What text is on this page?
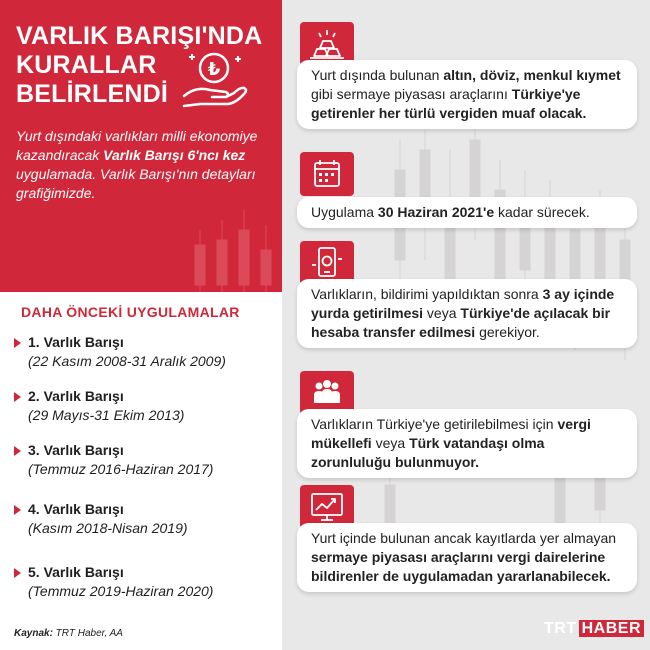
VARLIK BARIŞI'NDA
KURALLAR
BELİRLENDİ
₺

Yurt dışındaki varlıkları milli ekonomiye kazandıracak Varlık Barışı 6'ncı kez uygulamada. Varlık Barışı'nın detayları grafiğimizde.

DAHA ÖNCEKİ UYGULAMALAR
1. Varlık Barışı
(22 Kasım 2008-31 Aralık 2009)
2. Varlık Barışı
(29 Mayıs-31 Ekim 2013)
3. Varlık Barışı
(Temmuz 2016-Haziran 2017)
4. Varlık Barışı
(Kasım 2018-Nisan 2019)
5. Varlık Barışı
(Temmuz 2019-Haziran 2020)
Kaynak: TRT Haber, AA
Yurt dışında bulunan altın, döviz, menkul kıymet gibi sermaye piyasası araçlarını Türkiye'ye getirenler her türlü vergiden muaf olacak.
Uygulama 30 Haziran 2021'e kadar sürecek.
Varlıkların, bildirimi yapıldıktan sonra 3 ay içinde yurda getirilmesi veya Türkiye'de açılacak bir hesaba transfer edilmesi gerekiyor.
Varlıkların Türkiye'ye getirilebilmesi için vergi mükellefi veya Türk vatandaşı olma zorunluluğu bulunmuyor.
Yurt içinde bulunan ancak kayıtlarda yer almayan sermaye piyasası araçlarını vergi dairelerine bildirenler de uygulamadan yararlanabilecek.
TRT HABER
